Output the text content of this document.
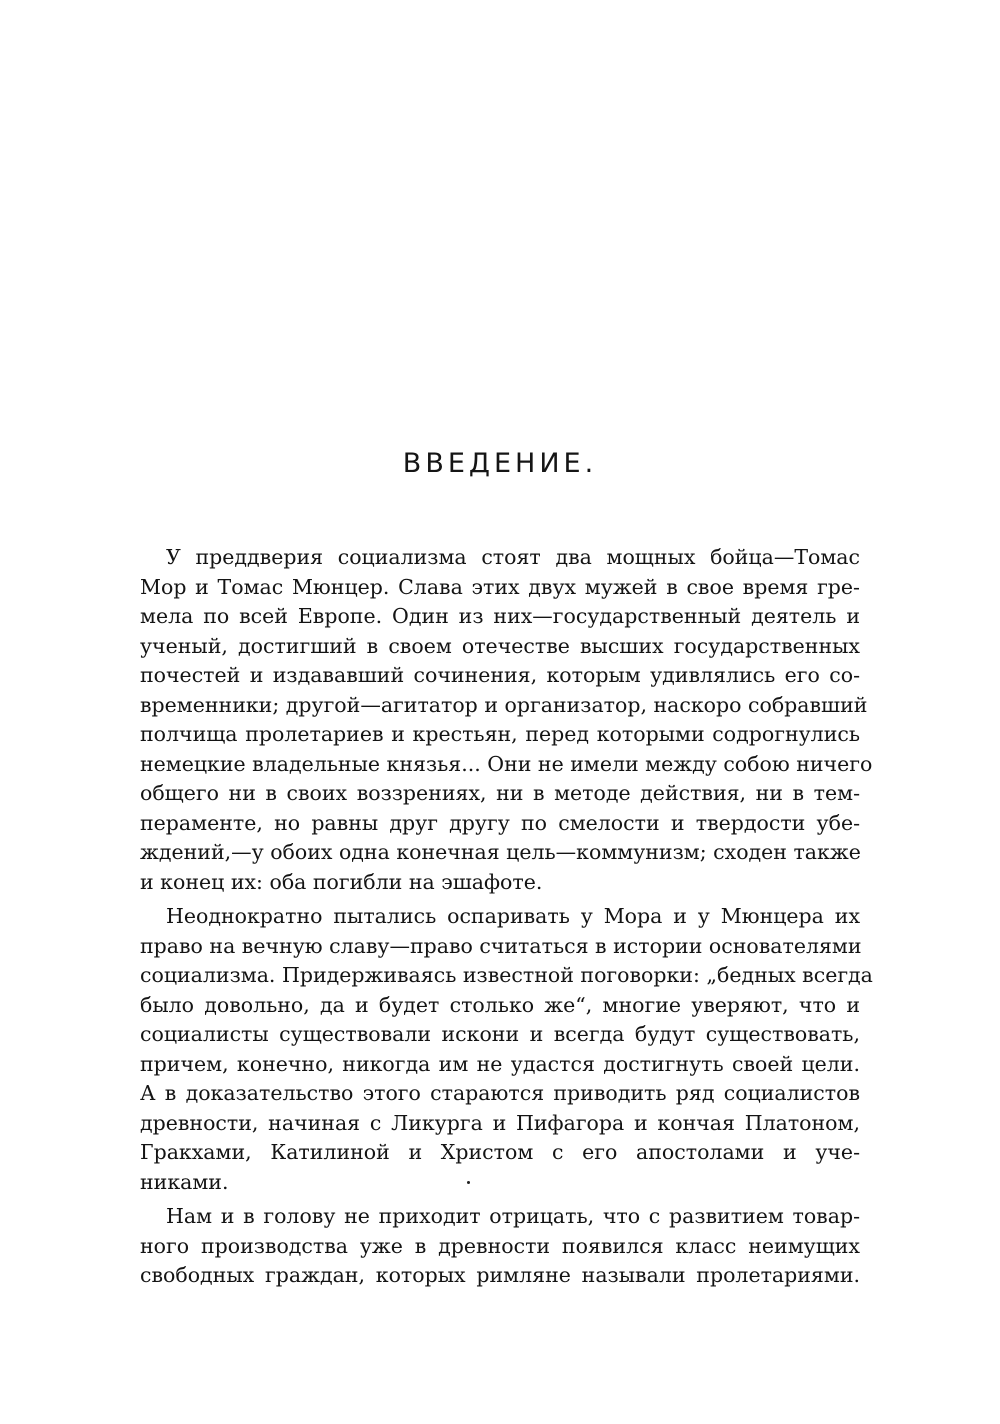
ВВЕДЕНИЕ.
У преддверия социализма стоят два мощных бойца—Томас
Мор и Томас Мюнцер. Слава этих двух мужей в свое время гре-
мела по всей Европе. Один из них—государственный деятель и
ученый, достигший в своем отечестве высших государственных
почестей и издававший сочинения, которым удивлялись его со-
временники; другой—агитатор и организатор, наскоро собравший
полчища пролетариев и крестьян, перед которыми содрогнулись
немецкие владельные князья... Они не имели между собою ничего
общего ни в своих воззрениях, ни в методе действия, ни в тем-
пераменте, но равны друг другу по смелости и твердости убе-
ждений,—у обоих одна конечная цель—коммунизм; сходен также
и конец их: оба погибли на эшафоте.
Неоднократно пытались оспаривать у Мора и у Мюнцера их
право на вечную славу—право считаться в истории основателями
социализма. Придерживаясь известной поговорки: „бедных всегда
было довольно, да и будет столько же“, многие уверяют, что и
социалисты существовали искони и всегда будут существовать,
причем, конечно, никогда им не удастся достигнуть своей цели.
А в доказательство этого стараются приводить ряд социалистов
древности, начиная с Ликурга и Пифагора и кончая Платоном,
Гракхами, Катилиной и Христом с его апостолами и уче-
никами.
Нам и в голову не приходит отрицать, что с развитием товар-
ного производства уже в древности появился класс неимущих
свободных граждан, которых римляне называли пролетариями.
